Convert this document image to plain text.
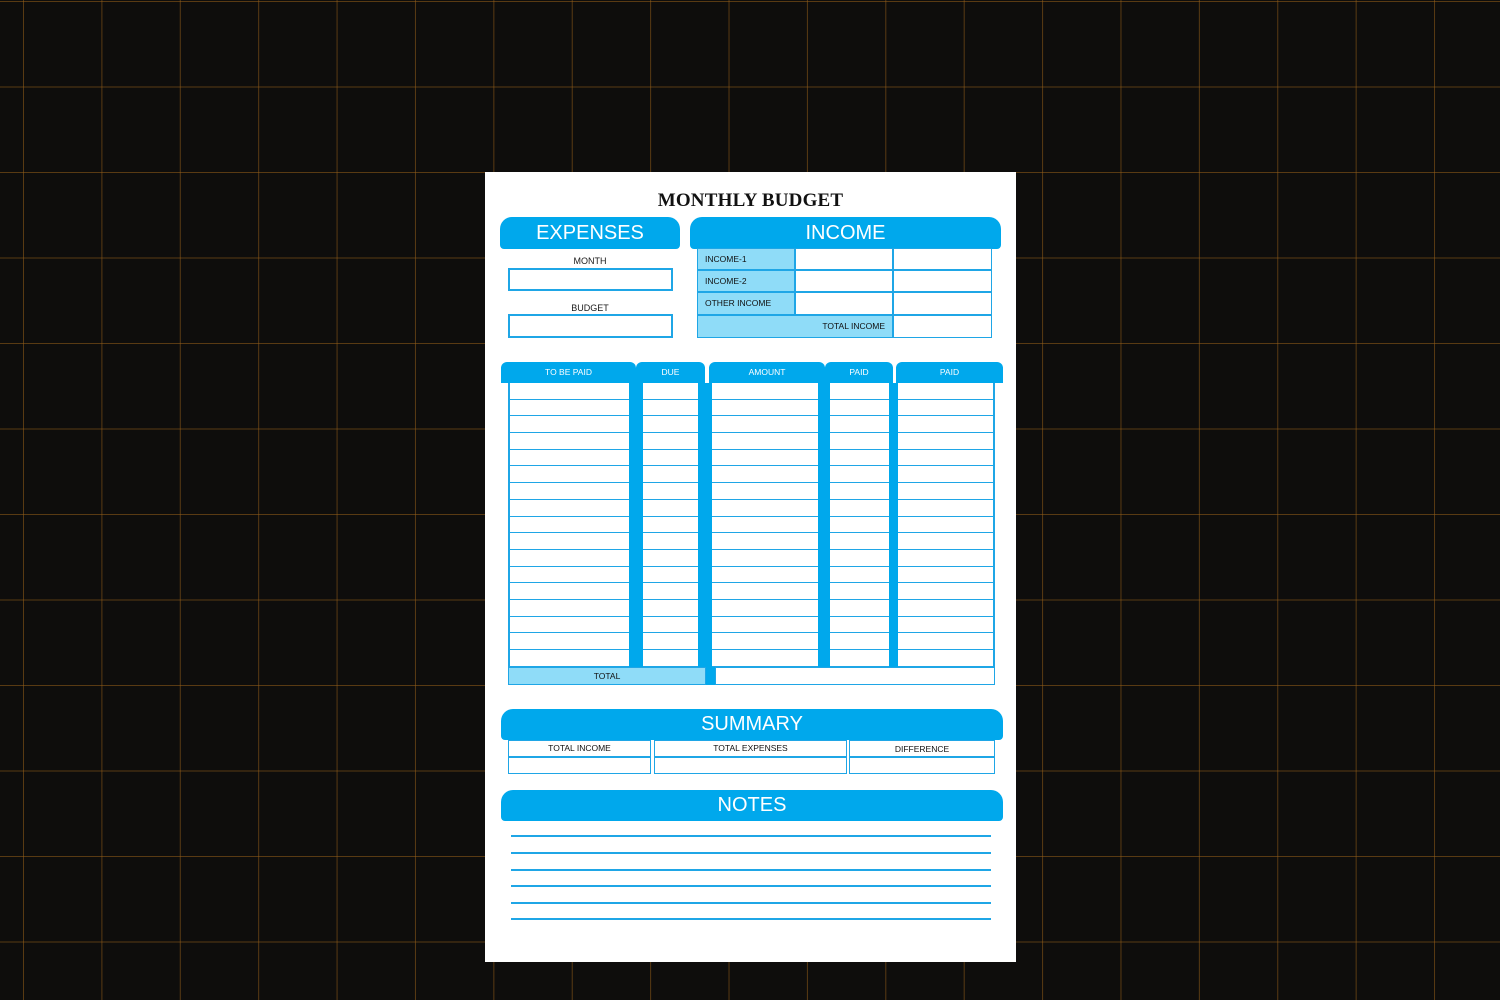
MONTHLY BUDGET
EXPENSES
MONTH
BUDGET
INCOME
INCOME-1
INCOME-2
OTHER INCOME
TOTAL INCOME
TO BE PAID	DUE	AMOUNT	PAID	PAID
TOTAL
SUMMARY
TOTAL INCOME	TOTAL EXPENSES	DIFFERENCE
NOTES
